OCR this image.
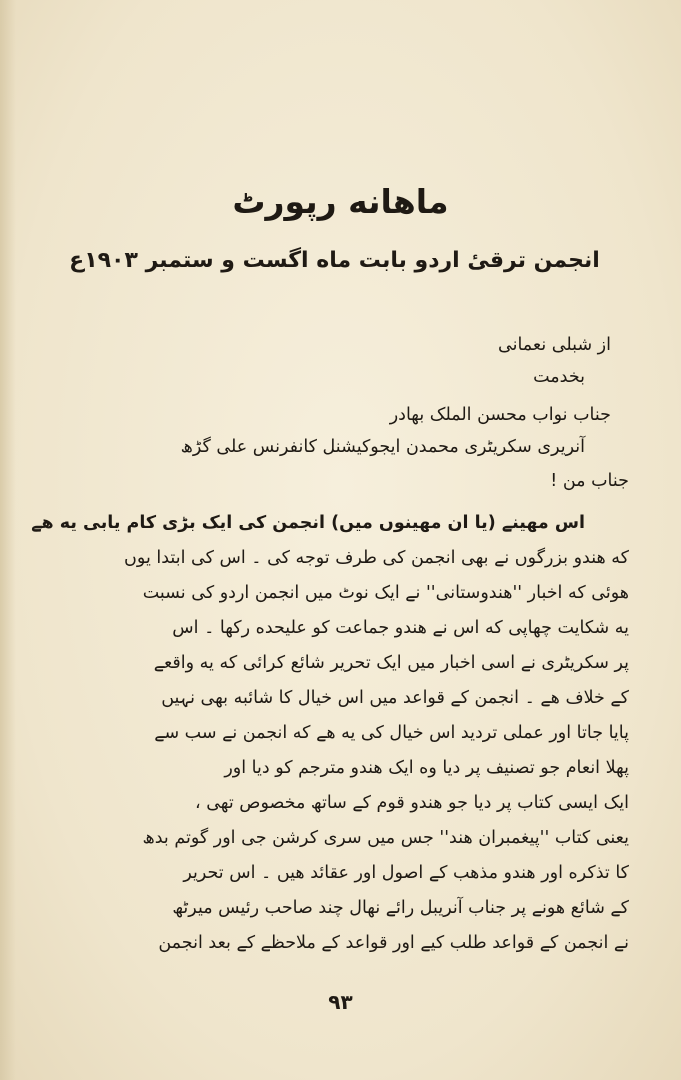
ماهانه رپورٹ
انجمن ترقیٔ اردو بابت ماه اگست و ستمبر ۱۹۰۳ع
از شبلی نعمانی
بخدمت
جناب نواب محسن الملک بهادر
آنریری سکریٹری محمدن ایجوکیشنل کانفرنس علی گڑھ
جناب من !
اس مهینے (یا ان مهینوں میں) انجمن کی ایک بڑی کام یابی یه ھے
که هندو بزرگوں نے بهی انجمن کی طرف توجه کی ۔ اس کی ابتدا یوں
هوئی که اخبار ''هندوستانی'' نے ایک نوٹ میں انجمن اردو کی نسبت
یه شکایت چهاپی که اس نے هندو جماعت کو علیحده رکها ۔ اس
پر سکریٹری نے اسی اخبار میں ایک تحریر شائع کرائی که یه واقعے
کے خلاف هے ۔ انجمن کے قواعد میں اس خیال کا شائبه بهی نہیں
پایا جاتا اور عملی تردید اس خیال کی یه هے که انجمن نے سب سے
پهلا انعام جو تصنیف پر دیا وه ایک هندو مترجم کو دیا اور
ایک ایسی کتاب پر دیا جو هندو قوم کے ساتھ مخصوص تهی ،
یعنی کتاب ''پیغمبران هند'' جس میں سری کرشن جی اور گوتم بدھ
کا تذکره اور هندو مذهب کے اصول اور عقائد هیں ۔ اس تحریر
کے شائع هونے پر جناب آنریبل رائے نهال چند صاحب رئیس میرٹھ
نے انجمن کے قواعد طلب کیے اور قواعد کے ملاحظے کے بعد انجمن
۹۳
